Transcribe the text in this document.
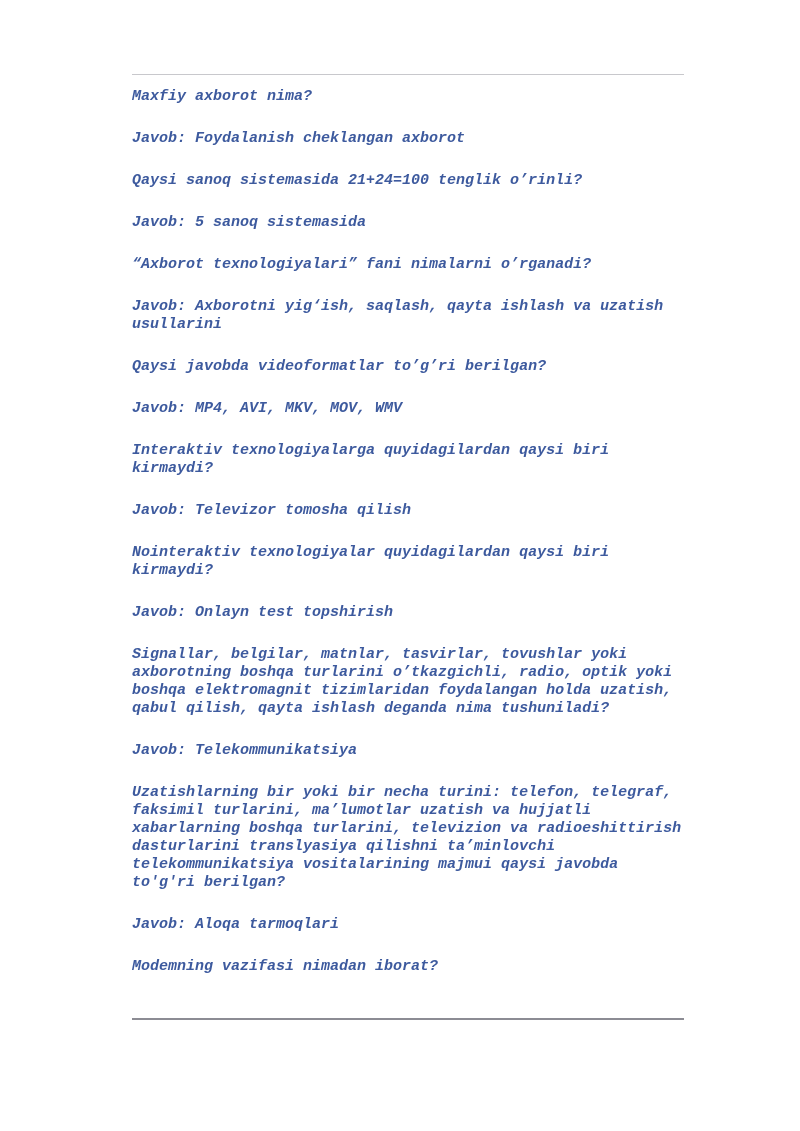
Maxfiy axborot nima?

Javob: Foydalanish cheklangan axborot

Qaysi sanoq sistemasida 21+24=100 tenglik o’rinli?

Javob: 5 sanoq sistemasida

“Axborot texnologiyalari” fani nimalarni o’rganadi?

Javob: Axborotni yig‘ish, saqlash, qayta ishlash va uzatish usullarini

Qaysi javobda videoformatlar to’g’ri berilgan?

Javob: MP4, AVI, MKV, MOV, WMV

Interaktiv texnologiyalarga quyidagilardan qaysi biri kirmaydi?

Javob: Televizor tomosha qilish

Nointeraktiv texnologiyalar quyidagilardan qaysi biri kirmaydi?

Javob: Onlayn test topshirish

Signallar, belgilar, matnlar, tasvirlar, tovushlar yoki axborotning boshqa turlarini o’tkazgichli, radio, optik yoki boshqa elektromagnit tizimlaridan foydalangan holda uzatish, qabul qilish, qayta ishlash deganda nima tushuniladi?

Javob: Telekommunikatsiya

Uzatishlarning bir yoki bir necha turini: telefon, telegraf, faksimil turlarini, ma’lumotlar uzatish va hujjatli xabarlarning boshqa turlarini, televizion va radioeshittirish dasturlarini translyasiya qilishni ta’minlovchi telekommunikatsiya vositalarining majmui qaysi javobda to'g'ri berilgan?

Javob: Aloqa tarmoqlari

Modemning vazifasi nimadan iborat?
